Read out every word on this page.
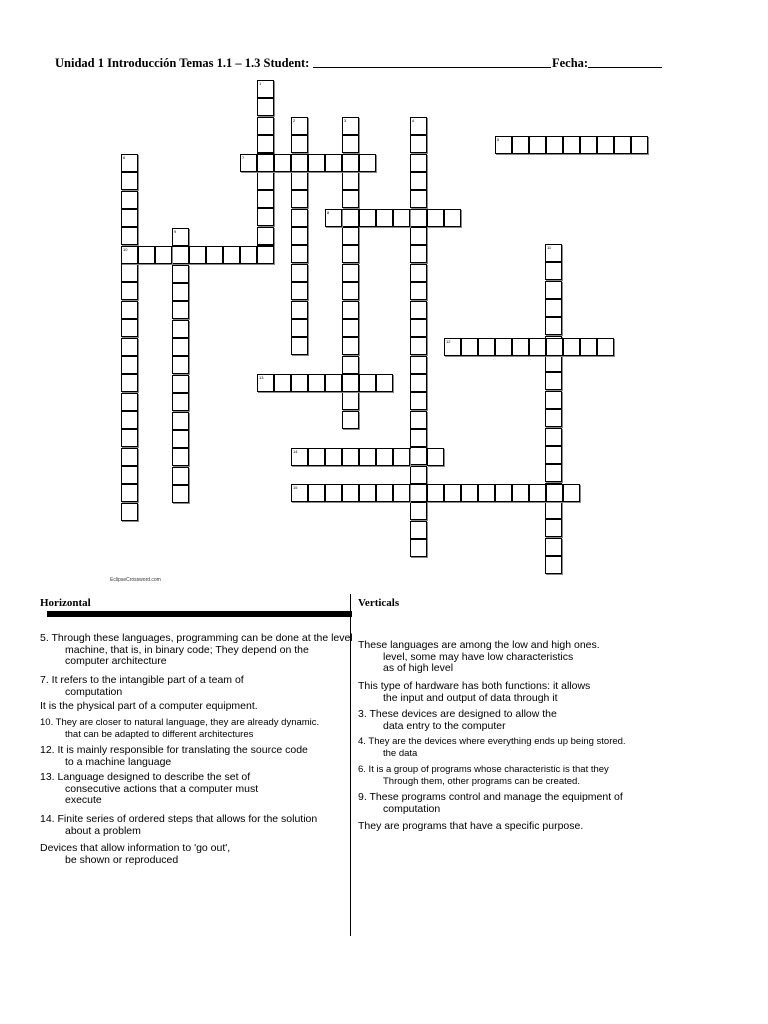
Unidad 1 Introducción Temas 1.1 – 1.3 Student:	Fecha:
1
2	3	4
5
6	7
8
9
10	11
12
13
14
15
EclipseCrossword.com
Horizontal	Verticals
5. Through these languages, programming can be done at the level
machine, that is, in binary code; They depend on the
computer architecture
7. It refers to the intangible part of a team of
computation
It is the physical part of a computer equipment.
10. They are closer to natural language, they are already dynamic.
that can be adapted to different architectures
12. It is mainly responsible for translating the source code
to a machine language
13. Language designed to describe the set of
consecutive actions that a computer must
execute
14. Finite series of ordered steps that allows for the solution
about a problem
Devices that allow information to 'go out',
be shown or reproduced
These languages are among the low and high ones.
level, some may have low characteristics
as of high level
This type of hardware has both functions: it allows
the input and output of data through it
3. These devices are designed to allow the
data entry to the computer
4. They are the devices where everything ends up being stored.
the data
6. It is a group of programs whose characteristic is that they
Through them, other programs can be created.
9. These programs control and manage the equipment of
computation
They are programs that have a specific purpose.
